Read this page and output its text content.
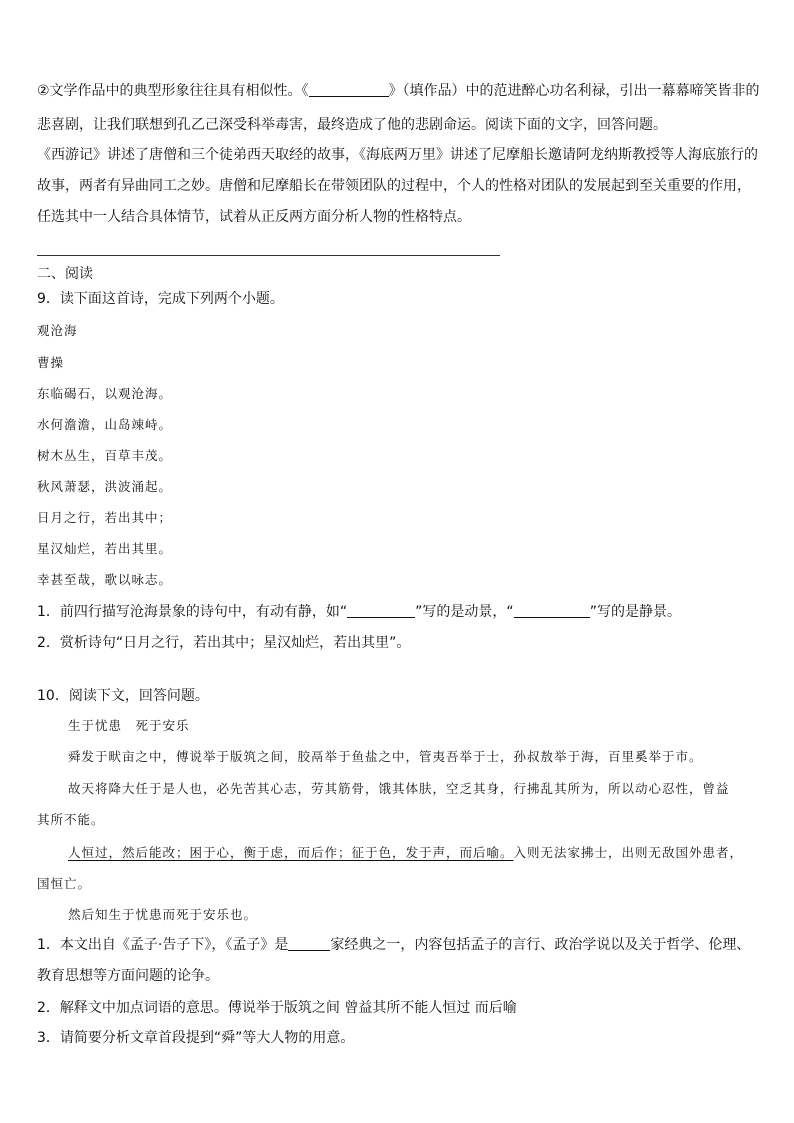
②文学作品中的典型形象往往具有相似性。《	》（填作品）中的范进醉心功名利禄，引出一幕幕啼笑皆非的
悲喜剧，让我们联想到孔乙己深受科举毒害，最终造成了他的悲剧命运。阅读下面的文字，回答问题。
《西游记》讲述了唐僧和三个徒弟西天取经的故事，《海底两万里》讲述了尼摩船长邀请阿龙纳斯教授等人海底旅行的
故事，两者有异曲同工之妙。唐僧和尼摩船长在带领团队的过程中，个人的性格对团队的发展起到至关重要的作用，
任选其中一人结合具体情节，试着从正反两方面分析人物的性格特点。
二、阅读
9．读下面这首诗，完成下列两个小题。
观沧海
曹操
东临碣石，以观沧海。
水何澹澹，山岛竦峙。
树木丛生，百草丰茂。
秋风萧瑟，洪波涌起。
日月之行，若出其中；
星汉灿烂，若出其里。
幸甚至哉，歌以咏志。
1．前四行描写沧海景象的诗句中，有动有静，如“	”写的是动景，“	”写的是静景。
2．赏析诗句“日月之行，若出其中；星汉灿烂，若出其里”。
10．阅读下文，回答问题。
生于忧患　死于安乐
舜发于畎亩之中，傅说举于版筑之间，胶鬲举于鱼盐之中，管夷吾举于士，孙叔敖举于海，百里奚举于市。
故天将降大任于是人也，必先苦其心志，劳其筋骨，饿其体肤，空乏其身，行拂乱其所为，所以动心忍性，曾益
其所不能。
人恒过，然后能改；困于心，衡于虑，而后作；征于色，发于声，而后喻。入则无法家拂士，出则无敌国外患者，
国恒亡。
然后知生于忧患而死于安乐也。
1．本文出自《孟子·告子下》，《孟子》是	家经典之一，内容包括孟子的言行、政治学说以及关于哲学、伦理、
教育思想等方面问题的论争。
2．解释文中加点词语的意思。傅说举于版筑之间 曾益其所不能人恒过 而后喻
3．请简要分析文章首段提到“舜”等大人物的用意。
